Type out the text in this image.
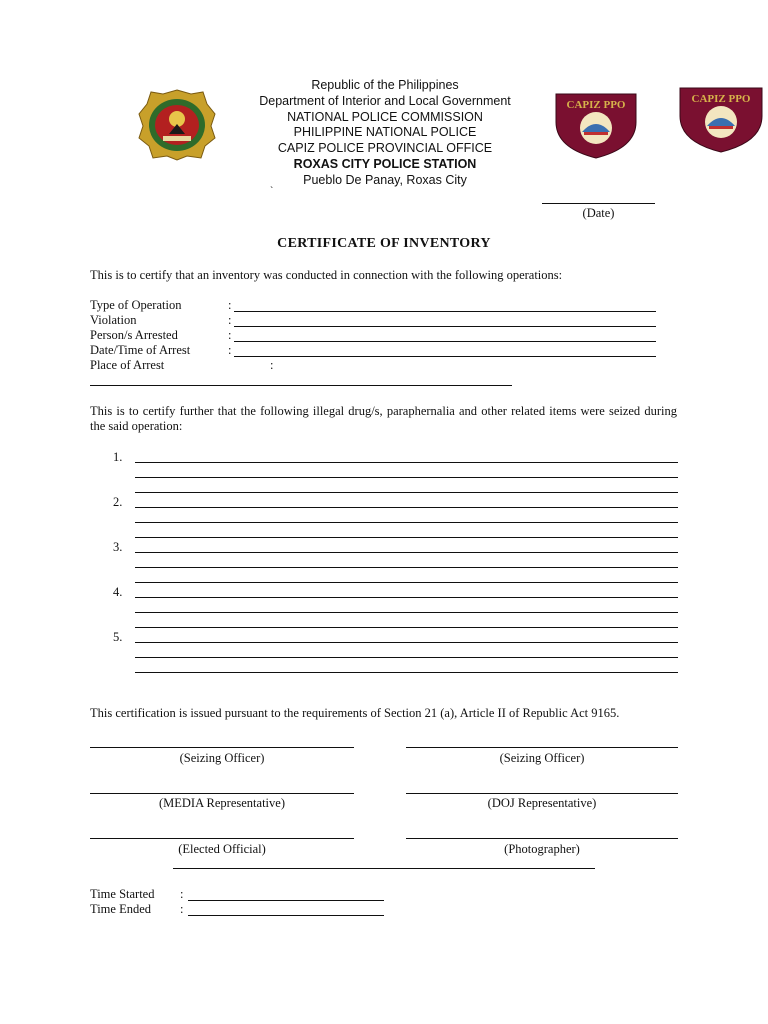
CAPIZ PPO	CAPIZ PPO
Republic of the Philippines
Department of Interior and Local Government
NATIONAL POLICE COMMISSION
PHILIPPINE NATIONAL POLICE
CAPIZ POLICE PROVINCIAL OFFICE
ROXAS CITY POLICE STATION
Pueblo De Panay, Roxas City
`
(Date)
CERTIFICATE OF INVENTORY
This is to certify that an inventory was conducted in connection with the following operations:
Type of Operation	:
Violation	:
Person/s Arrested	:
Date/Time of Arrest	:
Place of Arrest	:
This is to certify further that the following illegal drug/s, paraphernalia and other related items were seized during the said operation:
1.
2.
3.
4.
5.
This certification is issued pursuant to the requirements of Section 21 (a), Article II of Republic Act 9165.
(Seizing Officer)	(Seizing Officer)
(MEDIA Representative)	(DOJ Representative)
(Elected Official)	(Photographer)
Time Started :
Time Ended :
